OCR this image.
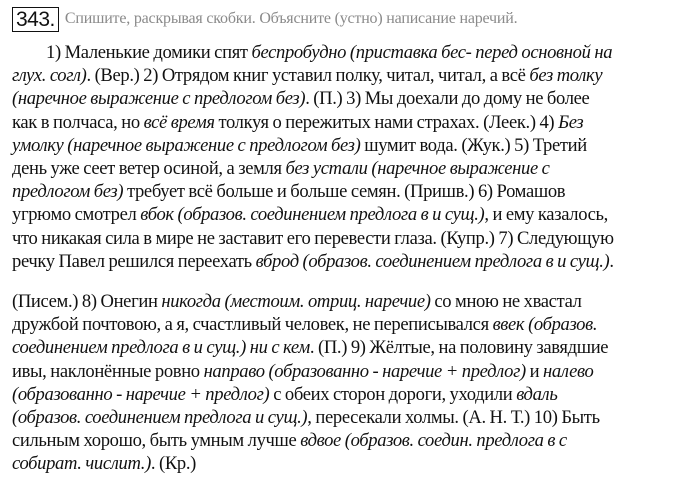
343. Спишите, раскрывая скобки. Объясните (устно) написание наречий.
1) Маленькие домики спят беспробудно (приставка бес- перед основной на
глух. согл). (Вер.) 2) Отрядом книг уставил полку, читал, читал, а всё без толку
(наречное выражение с предлогом без). (П.) 3) Мы доехали до дому не более
как в полчаса, но всё время толкуя о пережитых нами страхах. (Леек.) 4) Без
умолку (наречное выражение с предлогом без) шумит вода. (Жук.) 5) Третий
день уже сеет ветер осиной, а земля без устали (наречное выражение с
предлогом без) требует всё больше и больше семян. (Пришв.) 6) Ромашов
угрюмо смотрел вбок (образов. соединением предлога в и сущ.), и ему казалось,
что никакая сила в мире не заставит его перевести глаза. (Купр.) 7) Следующую
речку Павел решился переехать вброд (образов. соединением предлога в и сущ.).
(Писем.) 8) Онегин никогда (местоим. отриц. наречие) со мною не хвастал
дружбой почтовою, а я, счастливый человек, не переписывался ввек (образов.
соединением предлога в и сущ.) ни с кем. (П.) 9) Жёлтые, на половину завядшие
ивы, наклонённые ровно направо (образованно - наречие + предлог) и налево
(образованно - наречие + предлог) с обеих сторон дороги, уходили вдаль
(образов. соединением предлога и сущ.), пересекали холмы. (А. Н. Т.) 10) Быть
сильным хорошо, быть умным лучше вдвое (образов. соедин. предлога в с
собират. числит.). (Кр.)
